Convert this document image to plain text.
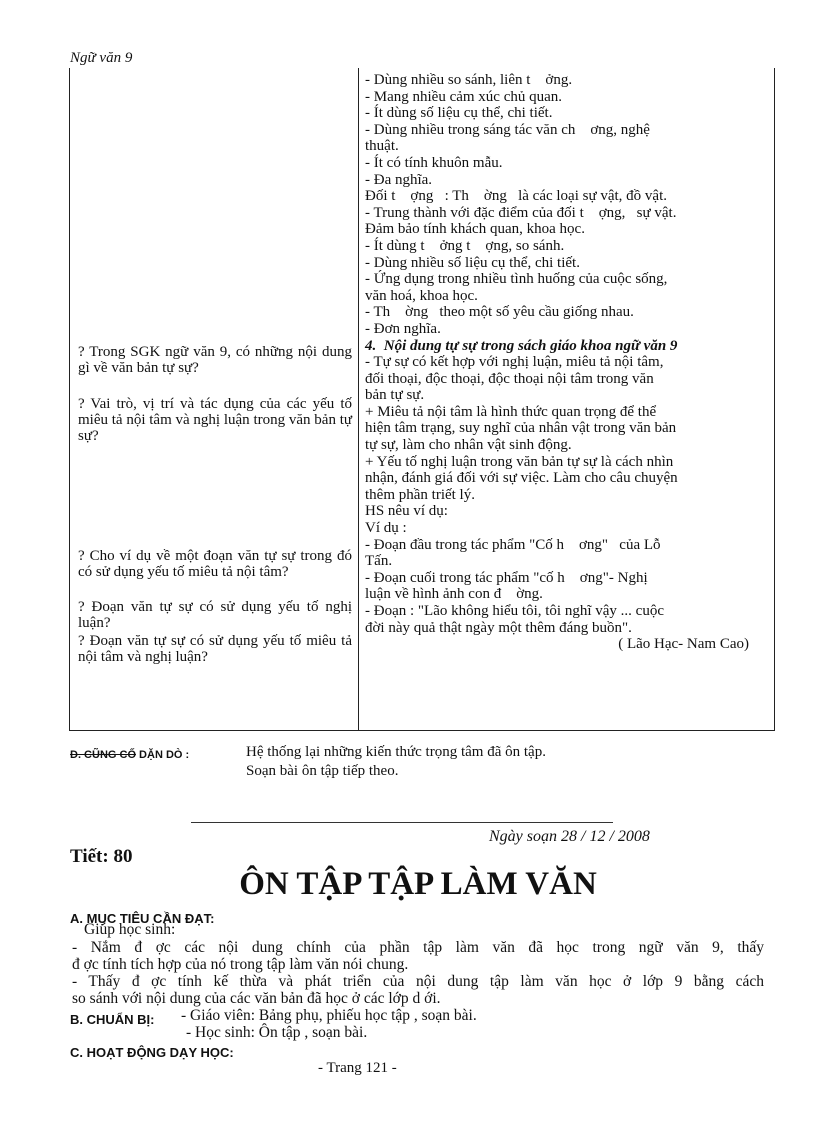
Ngữ văn 9
- Dùng nhiều so sánh, liên t    ởng.
- Mang nhiều cảm xúc chủ quan.
- Ít dùng số liệu cụ thể, chi tiết.
- Dùng nhiều trong sáng tác văn ch    ơng, nghệ
thuật.
- Ít có tính khuôn mẫu.
- Đa nghĩa.
Đối t    ợng   : Th    ờng   là các loại sự vật, đồ vật.
- Trung thành với đặc điểm của đối t    ợng,   sự vật.
Đảm bảo tính khách quan, khoa học.
- Ít dùng t    ởng t    ợng, so sánh.
- Dùng nhiều số liệu cụ thể, chi tiết.
- Ứng dụng trong nhiều tình huống của cuộc sống,
văn hoá, khoa học.
- Th    ờng   theo một số yêu cầu giống nhau.
- Đơn nghĩa.
4.  Nội dung tự sự trong sách giáo khoa ngữ văn 9
- Tự sự có kết hợp với nghị luận, miêu tả nội tâm,
đối thoại, độc thoại, độc thoại nội tâm trong văn
bản tự sự.
+ Miêu tả nội tâm là hình thức quan trọng để thể
hiện tâm trạng, suy nghĩ của nhân vật trong văn bản
tự sự, làm cho nhân vật sinh động.
+ Yếu tố nghị luận trong văn bản tự sự là cách nhìn
nhận, đánh giá đối với sự việc. Làm cho câu chuyện
thêm phần triết lý.
HS nêu ví dụ:
Ví dụ :
- Đoạn đầu trong tác phẩm "Cố h    ơng"   của Lỗ
Tấn.
- Đoạn cuối trong tác phẩm "cố h    ơng"- Nghị
luận về hình ảnh con đ    ờng.
- Đoạn : "Lão không hiểu tôi, tôi nghĩ vậy ... cuộc
đời này quả thật ngày một thêm đáng buồn".
( Lão Hạc- Nam Cao)
? Trong SGK ngữ văn 9, có những nội dung gì về văn bản tự sự?
? Vai trò, vị trí và tác dụng của các yếu tố miêu tả nội tâm và nghị luận trong văn bản tự sự?
? Cho ví dụ về một đoạn văn tự sự trong đó có sử dụng yếu tố miêu tả nội tâm?
? Đoạn văn tự sự có sử dụng yếu tố nghị luận?
? Đoạn văn tự sự có sử dụng yếu tố miêu tả nội tâm và nghị luận?
D. CŨNG CỐ DẶN DÒ :	Hệ thống lại những kiến thức trọng tâm đã ôn tập.
Soạn bài ôn tập tiếp theo.
Ngày soạn 28 / 12 / 2008
Tiết: 80
ÔN TẬP TẬP LÀM VĂN
A. MỤC TIÊU CẦN ĐẠT:
Giúp học sinh:
- Nắm đ ợc các nội dung chính của phần tập làm văn đã học trong ngữ văn 9, thấy
đ ợc tính tích hợp của nó trong tập làm văn nói chung.
- Thấy đ ợc tính kế thừa và phát triển của nội dung tập làm văn học ở lớp 9 bằng cách
so sánh với nội dung của các văn bản đã học ở các lớp d ới.
B. CHUẨN BỊ: - Giáo viên: Bảng phụ, phiếu học tập , soạn bài.
- Học sinh: Ôn tập , soạn bài.
C. HOẠT ĐỘNG DẠY HỌC:
- Trang 121 -
